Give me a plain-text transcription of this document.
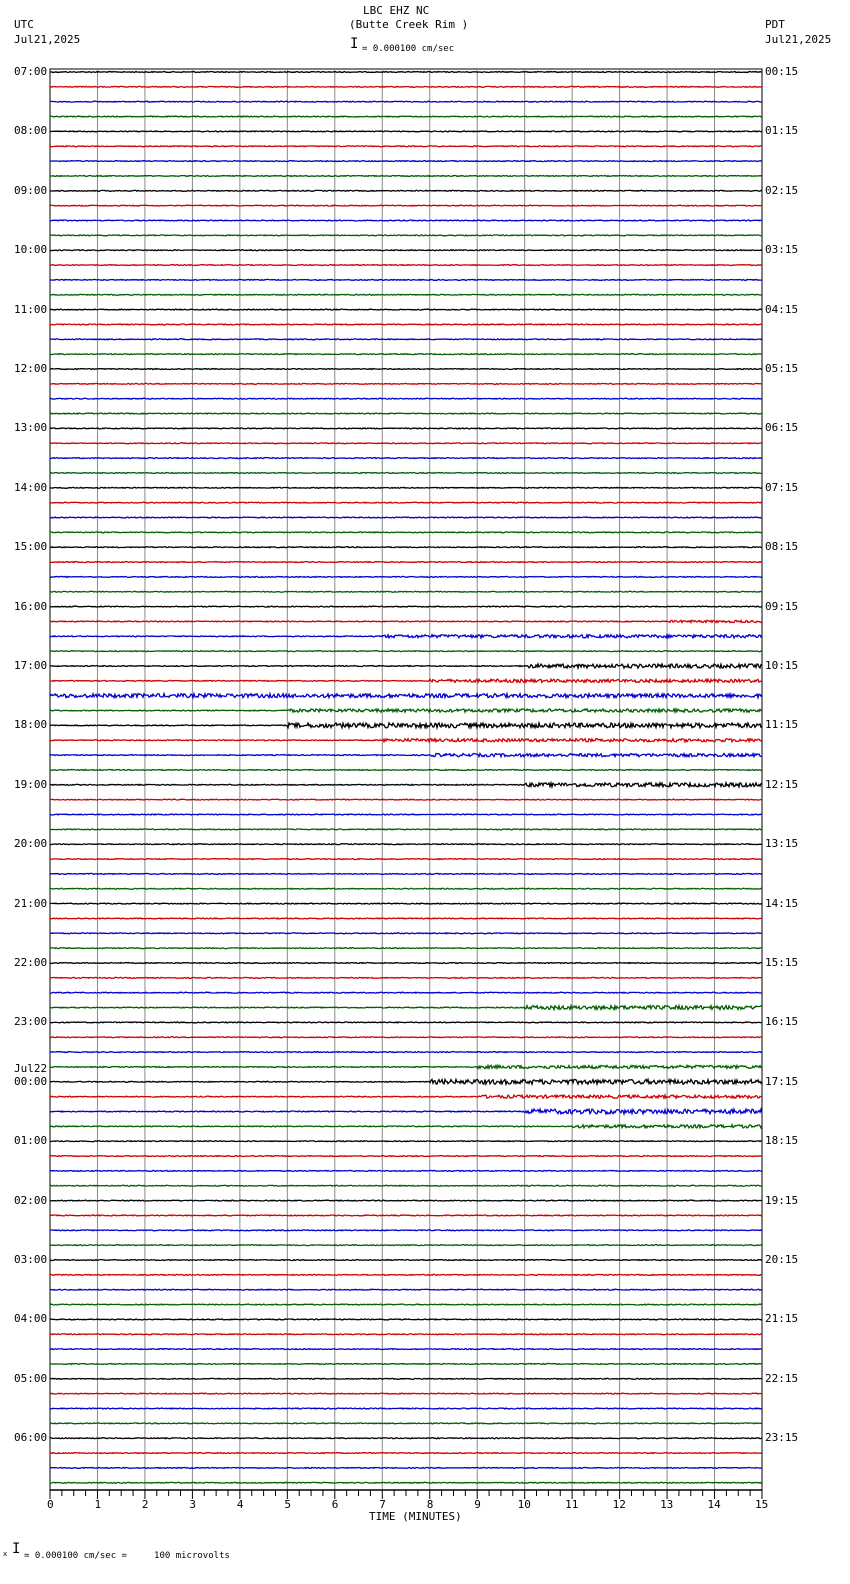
LBC EHZ NC
(Butte Creek Rim )
UTC
Jul21,2025
PDT
Jul21,2025
I = 0.000100 cm/sec
TIME (MINUTES)
x I = 0.000100 cm/sec =     100 microvolts
0	1	2	3	4	5	6	7	8	9	10	11	12	13	14	15
07:00
08:00
09:00
10:00
11:00
12:00
13:00
14:00
15:00
16:00
17:00
18:00
19:00
20:00
21:00
22:00
23:00
00:00
01:00
02:00
03:00
04:00
05:00
06:00
00:15
01:15
02:15
03:15
04:15
05:15
06:15
07:15
08:15
09:15
10:15
11:15
12:15
13:15
14:15
15:15
16:15
17:15
18:15
19:15
20:15
21:15
22:15
23:15
Jul22
